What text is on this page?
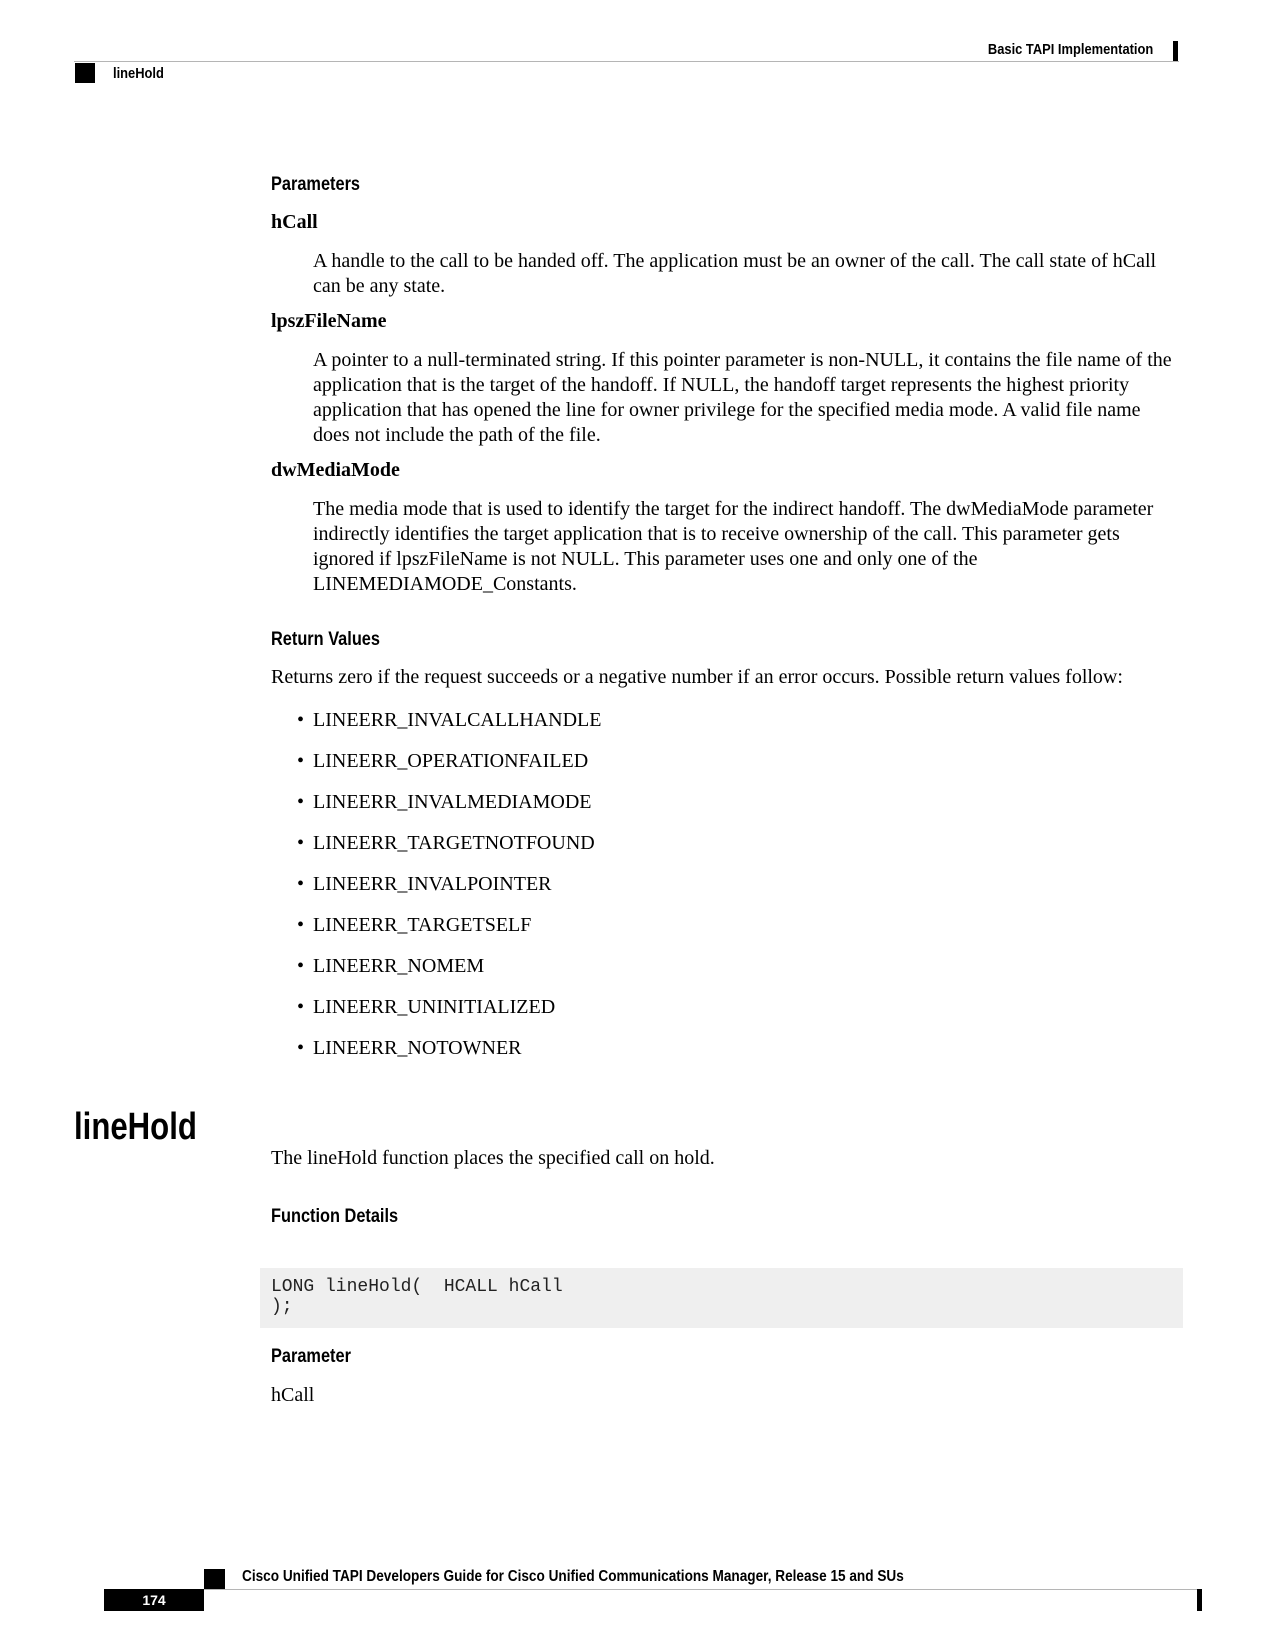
Basic TAPI Implementation
lineHold
Parameters
hCall
A handle to the call to be handed off. The application must be an owner of the call. The call state of hCall can be any state.
lpszFileName
A pointer to a null-terminated string. If this pointer parameter is non-NULL, it contains the file name of the application that is the target of the handoff. If NULL, the handoff target represents the highest priority application that has opened the line for owner privilege for the specified media mode. A valid file name does not include the path of the file.
dwMediaMode
The media mode that is used to identify the target for the indirect handoff. The dwMediaMode parameter indirectly identifies the target application that is to receive ownership of the call. This parameter gets ignored if lpszFileName is not NULL. This parameter uses one and only one of the LINEMEDIAMODE_Constants.
Return Values
Returns zero if the request succeeds or a negative number if an error occurs. Possible return values follow:
• LINEERR_INVALCALLHANDLE
• LINEERR_OPERATIONFAILED
• LINEERR_INVALMEDIAMODE
• LINEERR_TARGETNOTFOUND
• LINEERR_INVALPOINTER
• LINEERR_TARGETSELF
• LINEERR_NOMEM
• LINEERR_UNINITIALIZED
• LINEERR_NOTOWNER
lineHold
The lineHold function places the specified call on hold.
Function Details
LONG lineHold(  HCALL hCall
);
Parameter
hCall
Cisco Unified TAPI Developers Guide for Cisco Unified Communications Manager, Release 15 and SUs
174
